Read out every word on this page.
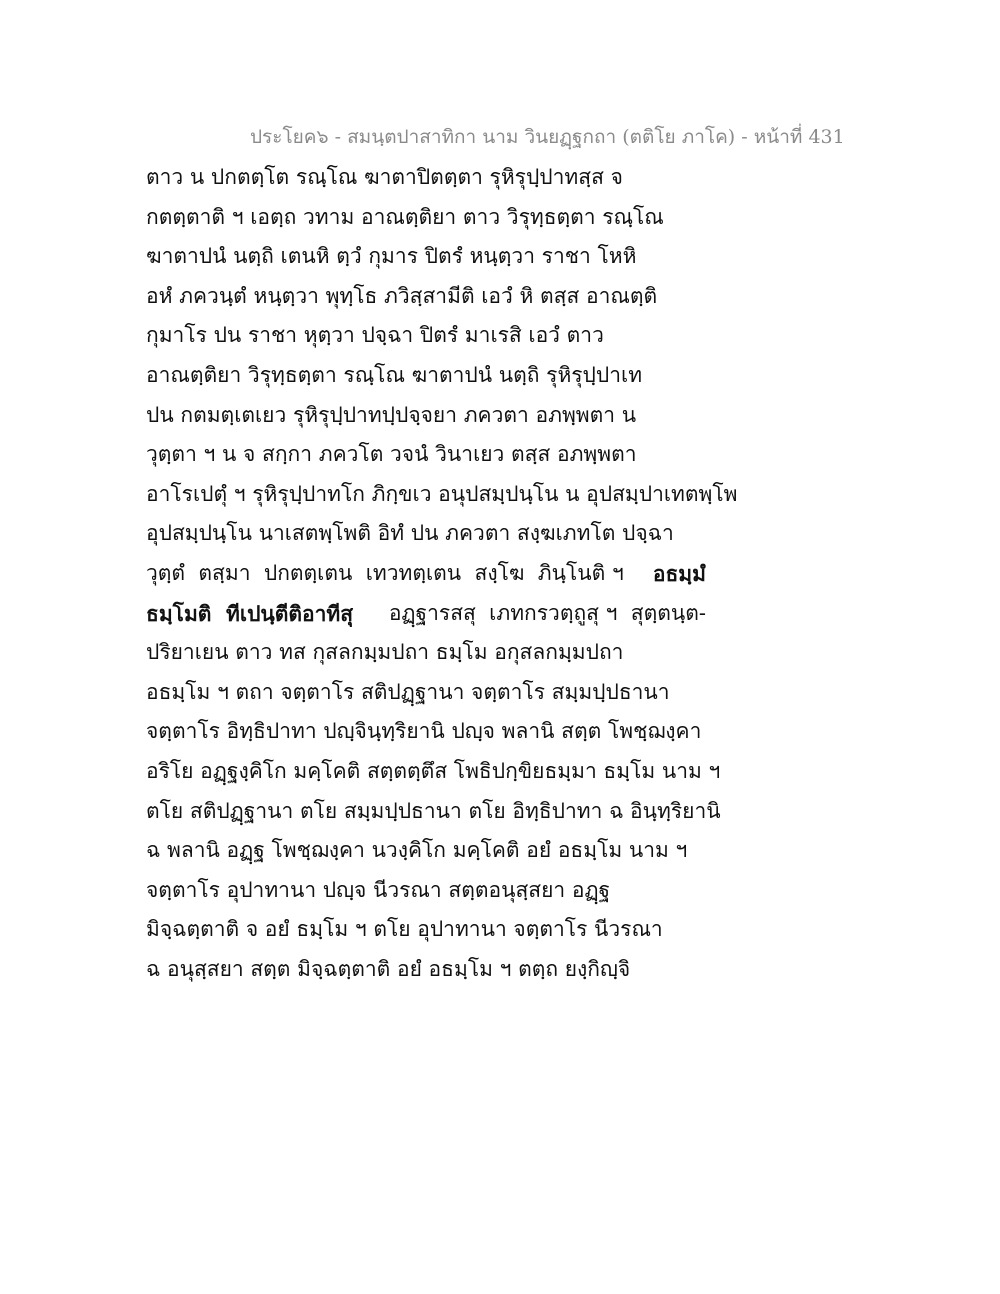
ประโยค๖ - สมนฺตปาสาทิกา นาม วินยฏฺฐกถา (ตติโย ภาโค) - หน้าที่ 431
ตาว น ปกตตฺโต รณฺโณ ฆาตาปิตตฺตา รุหิรุปฺปาทสฺส จ
กตตฺตาติ ฯ เอตฺถ วทาม อาณตฺติยา ตาว วิรุทฺธตฺตา รณฺโณ
ฆาตาปนํ นตฺถิ เตนหิ ตฺวํ กุมาร ปิตรํ หนฺตฺวา ราชา โหหิ
อหํ ภควนฺตํ หนฺตฺวา พุทฺโธ ภวิสฺสามีติ เอวํ หิ ตสฺส อาณตฺติ
กุมาโร ปน ราชา หุตฺวา ปจฺฉา ปิตรํ มาเรสิ เอวํ ตาว
อาณตฺติยา วิรุทฺธตฺตา รณฺโณ ฆาตาปนํ นตฺถิ รุหิรุปฺปาเท
ปน กตมตฺเตเยว รุหิรุปฺปาทปฺปจฺจยา ภควตา อภพฺพตา น
วุตฺตา ฯ น จ สกฺกา ภควโต วจนํ วินาเยว ตสฺส อภพฺพตา
อาโรเปตุํ ฯ รุหิรุปฺปาทโก ภิกฺขเว อนุปสมฺปนฺโน น อุปสมฺปาเทตพฺโพ
อุปสมฺปนฺโน นาเสตพฺโพติ อิทํ ปน ภควตา สงฺฆเภทโต ปจฺฉา
วุตฺตํ  ตสฺมา  ปกตตฺเตน  เทวทตฺเตน  สงฺโฆ  ภินฺโนติ ฯ อธมฺมํ
ธมฺโมติ  ทีเปนฺตีติอาทีสุ อฏฺฐารสสุ  เภทกรวตฺถูสุ ฯ  สุตฺตนฺต-
ปริยาเยน ตาว ทส กุสลกมฺมปถา ธมฺโม อกุสลกมฺมปถา
อธมฺโม ฯ ตถา จตฺตาโร สติปฏฺฐานา จตฺตาโร สมฺมปฺปธานา
จตฺตาโร อิทฺธิปาทา ปญฺจินฺทฺริยานิ ปญฺจ พลานิ สตฺต โพชฺฌงฺคา
อริโย อฏฺฐงฺคิโก มคฺโคติ สตฺตตฺตึส โพธิปกฺขิยธมฺมา ธมฺโม นาม ฯ
ตโย สติปฏฺฐานา ตโย สมฺมปฺปธานา ตโย อิทฺธิปาทา ฉ อินฺทฺริยานิ
ฉ พลานิ อฏฺฐ โพชฺฌงฺคา นวงฺคิโก มคฺโคติ อยํ อธมฺโม นาม ฯ
จตฺตาโร อุปาทานา ปญฺจ นีวรณา สตฺตอนุสฺสยา อฏฺฐ
มิจฺฉตฺตาติ จ อยํ ธมฺโม ฯ ตโย อุปาทานา จตฺตาโร นีวรณา
ฉ อนุสฺสยา สตฺต มิจฺฉตฺตาติ อยํ อธมฺโม ฯ ตตฺถ ยงฺกิญฺจิ
